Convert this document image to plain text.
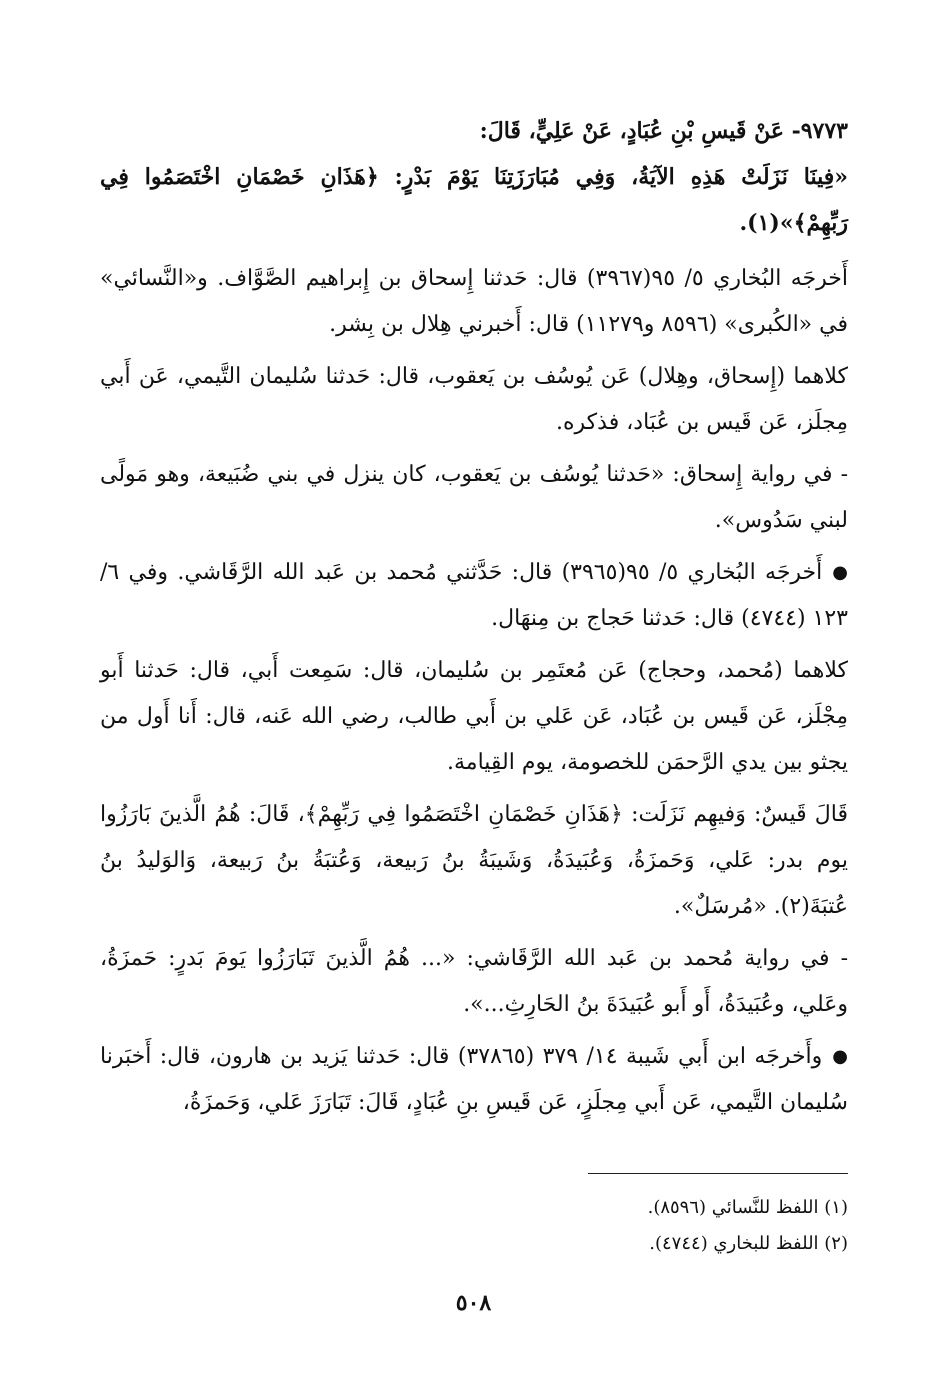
٩٧٧٣- عَنْ قَيسِ بْنِ عُبَادٍ، عَنْ عَلِيٍّ، قَالَ:
«فِينَا نَزَلَتْ هَذِهِ الآيَةُ، وَفِي مُبَارَزَتِنَا يَوْمَ بَدْرٍ: ﴿هَذَانِ خَصْمَانِ اخْتَصَمُوا فِي رَبِّهِمْ﴾»(١).
أَخرجَه البُخاري ٥/ ٩٥(٣٩٦٧) قال: حَدثنا إِسحاق بن إِبراهيم الصَّوَّاف. و«النَّسائي» في «الكُبرى» (٨٥٩٦ و١١٢٧٩) قال: أَخبرني هِلال بن بِشر.
كلاهما (إِسحاق، وهِلال) عَن يُوسُف بن يَعقوب، قال: حَدثنا سُليمان التَّيمي، عَن أَبي مِجلَز، عَن قَيس بن عُبَاد، فذكره.
- في رواية إِسحاق: «حَدثنا يُوسُف بن يَعقوب، كان ينزل في بني ضُبَيعة، وهو مَولًى لبني سَدُوس».
●أَخرجَه البُخاري ٥/ ٩٥(٣٩٦٥) قال: حَدَّثني مُحمد بن عَبد الله الرَّقَاشي. وفي ٦/ ١٢٣ (٤٧٤٤) قال: حَدثنا حَجاج بن مِنهَال.
كلاهما (مُحمد، وحجاج) عَن مُعتَمِر بن سُليمان، قال: سَمِعت أَبي، قال: حَدثنا أَبو مِجْلَز، عَن قَيس بن عُبَاد، عَن عَلي بن أَبي طالب، رضي الله عَنه، قال: أَنا أَول من يجثو بين يدي الرَّحمَن للخصومة، يوم القِيامة.
قَالَ قَيسٌ: وَفيهِم نَزَلَت: ﴿هَذَانِ خَصْمَانِ اخْتَصَمُوا فِي رَبِّهِمْ﴾، قَالَ: هُمُ الَّذينَ بَارَزُوا يوم بدر: عَلي، وَحَمزَةُ، وَعُبَيدَةُ، وَشَيبَةُ بنُ رَبيعة، وَعُتبَةُ بنُ رَبيعة، وَالوَليدُ بنُ عُتبَةَ(٢). «مُرسَلٌ».
- في رواية مُحمد بن عَبد الله الرَّقَاشي: «... هُمُ الَّذينَ تَبَارَزُوا يَومَ بَدرٍ: حَمزَةُ، وعَلي، وعُبَيدَةُ، أَو أَبو عُبَيدَةَ بنُ الحَارِثِ...».
●وأَخرجَه ابن أَبي شَيبة ١٤/ ٣٧٩ (٣٧٨٦٥) قال: حَدثنا يَزيد بن هارون، قال: أَخبَرنا سُليمان التَّيمي، عَن أَبي مِجلَزٍ، عَن قَيسِ بنِ عُبَادٍ، قَالَ: تَبَارَزَ عَلي، وَحَمزَةُ،
(١) اللفظ للنَّسائي (٨٥٩٦).
(٢) اللفظ للبخاري (٤٧٤٤).
٥٠٨
